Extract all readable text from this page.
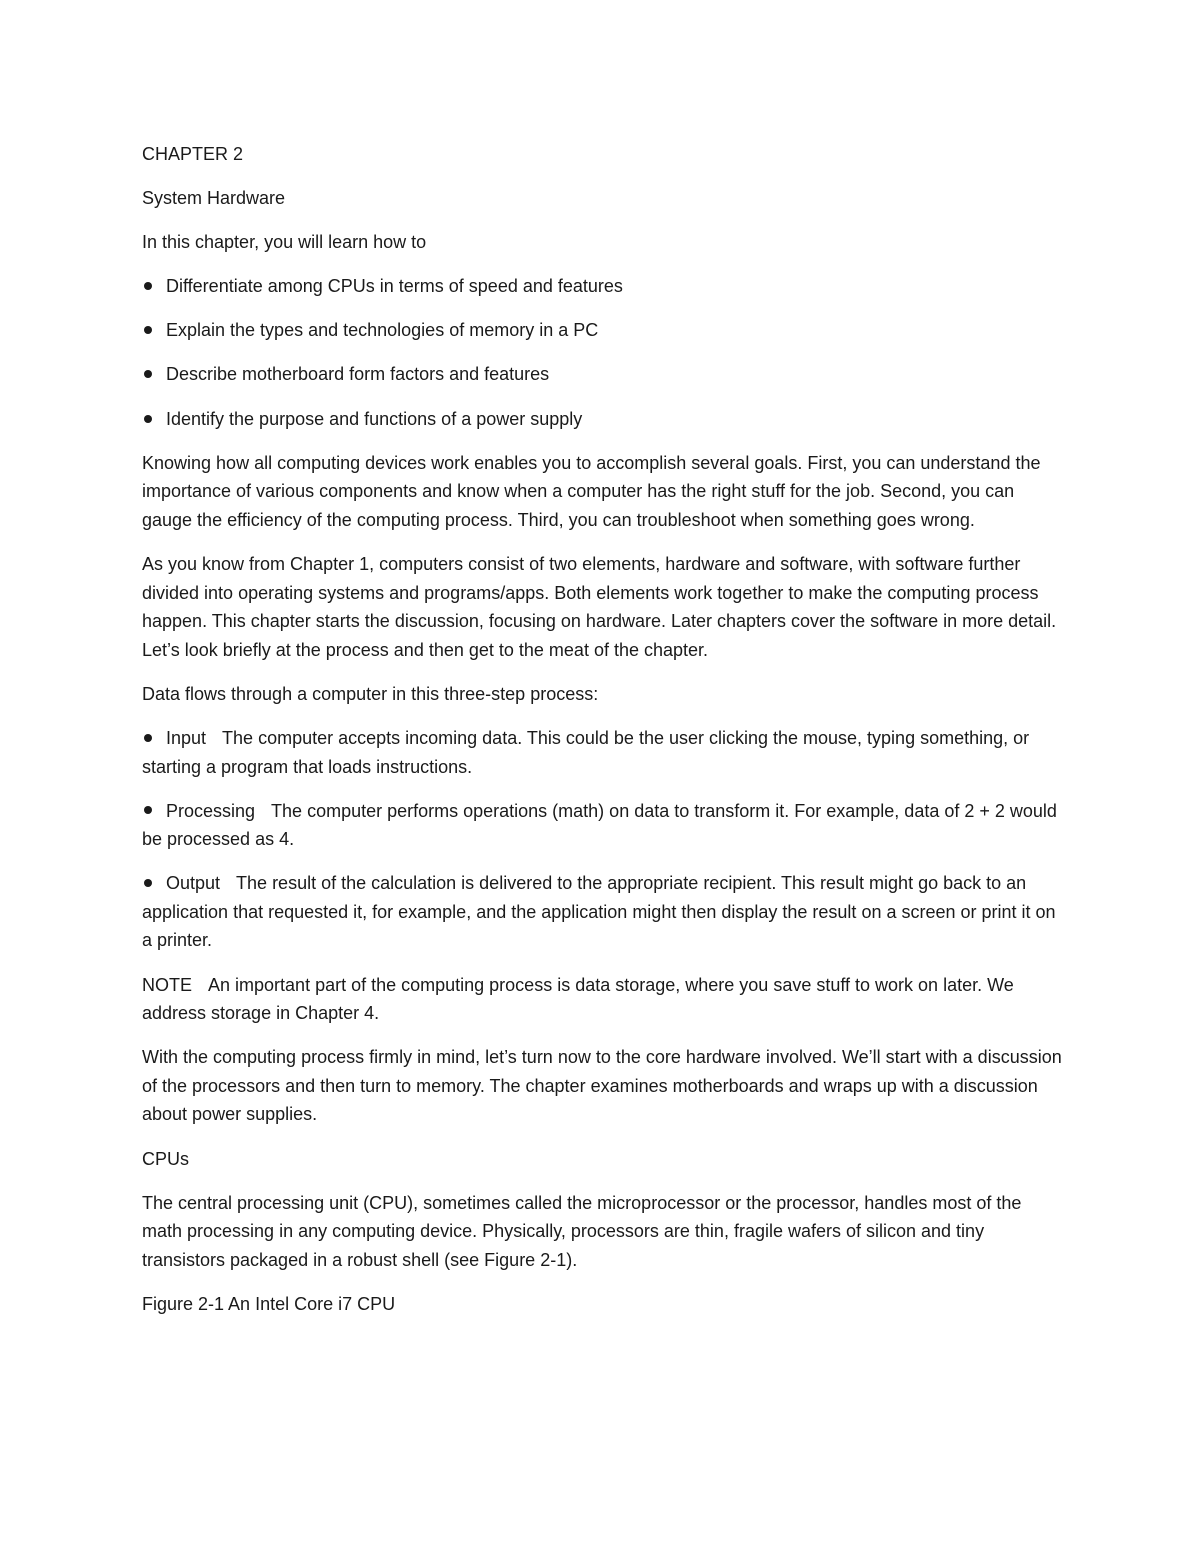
CHAPTER 2
System Hardware
In this chapter, you will learn how to
Differentiate among CPUs in terms of speed and features
Explain the types and technologies of memory in a PC
Describe motherboard form factors and features
Identify the purpose and functions of a power supply
Knowing how all computing devices work enables you to accomplish several goals. First, you can understand the importance of various components and know when a computer has the right stuff for the job. Second, you can gauge the efficiency of the computing process. Third, you can troubleshoot when something goes wrong.
As you know from Chapter 1, computers consist of two elements, hardware and software, with software further divided into operating systems and programs/apps. Both elements work together to make the computing process happen. This chapter starts the discussion, focusing on hardware. Later chapters cover the software in more detail. Let’s look briefly at the process and then get to the meat of the chapter.
Data flows through a computer in this three-step process:
Input The computer accepts incoming data. This could be the user clicking the mouse, typing something, or starting a program that loads instructions.
Processing The computer performs operations (math) on data to transform it. For example, data of 2 + 2 would be processed as 4.
Output The result of the calculation is delivered to the appropriate recipient. This result might go back to an application that requested it, for example, and the application might then display the result on a screen or print it on a printer.
NOTE An important part of the computing process is data storage, where you save stuff to work on later. We address storage in Chapter 4.
With the computing process firmly in mind, let’s turn now to the core hardware involved. We’ll start with a discussion of the processors and then turn to memory. The chapter examines motherboards and wraps up with a discussion about power supplies.
CPUs
The central processing unit (CPU), sometimes called the microprocessor or the processor, handles most of the math processing in any computing device. Physically, processors are thin, fragile wafers of silicon and tiny transistors packaged in a robust shell (see Figure 2-1).
Figure 2-1 An Intel Core i7 CPU
